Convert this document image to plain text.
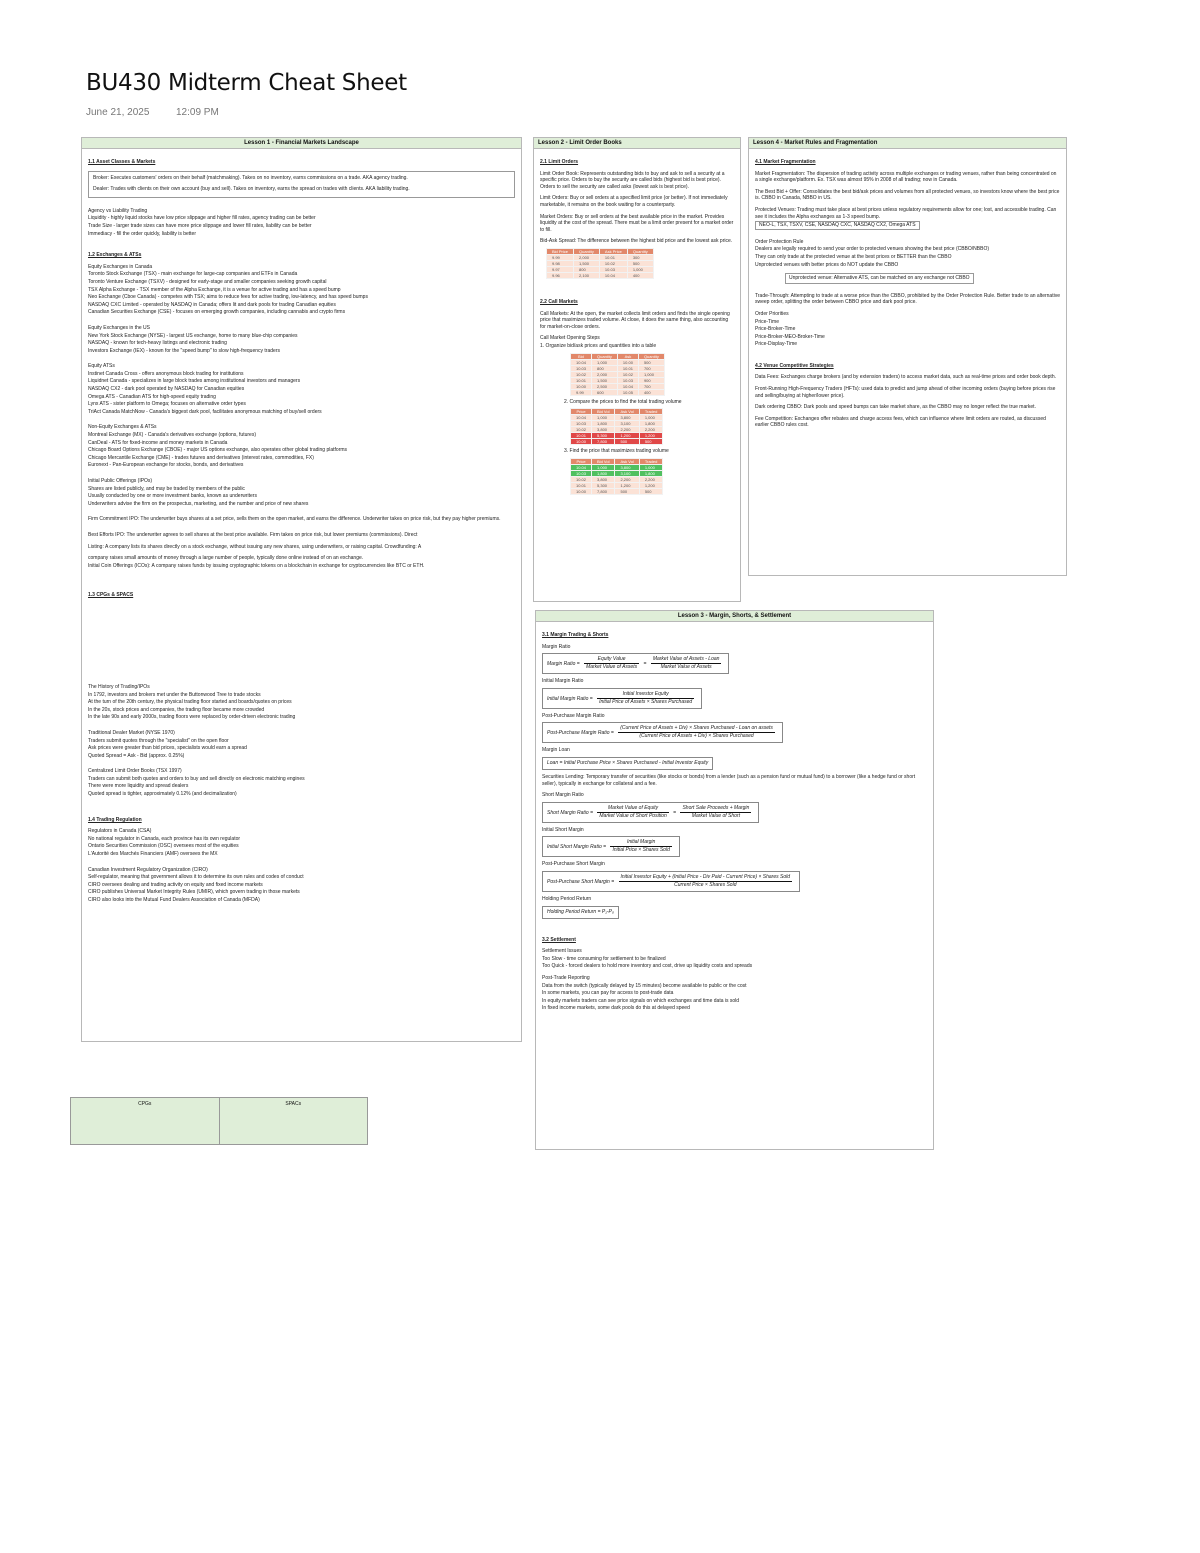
BU430 Midterm Cheat Sheet
June 21, 2025	12:09 PM
Lesson 1 - Financial Markets Landscape

1.1 Asset Classes & Markets

Broker: Executes customers' orders on their behalf (matchmaking). Takes on no inventory, earns commissions on a trade. AKA agency trading.

Dealer: Trades with clients on their own account (buy and sell). Takes on inventory, earns the spread on trades with clients. AKA liability trading.

Agency vs Liability Trading

Liquidity - highly liquid stocks have low price slippage and higher fill rates, agency trading can be better

Trade Size - larger trade sizes can have more price slippage and lower fill rates, liability can be better

Immediacy - fill the order quickly, liability is better

1.2 Exchanges & ATSs

Equity Exchanges in Canada

Toronto Stock Exchange (TSX) - main exchange for large-cap companies and ETFs in Canada

Toronto Venture Exchange (TSXV) - designed for early-stage and smaller companies seeking growth capital

TSX Alpha Exchange - TSX member of the Alpha Exchange, it is a venue for active trading and has a speed bump

Neo Exchange (Cboe Canada) - competes with TSX; aims to reduce fees for active trading, low-latency, and has speed bumps

NASDAQ CXC Limited - operated by NASDAQ in Canada; offers lit and dark pools for trading Canadian equities

Canadian Securities Exchange (CSE) - focuses on emerging growth companies, including cannabis and crypto firms

Equity Exchanges in the US

New York Stock Exchange (NYSE) - largest US exchange, home to many blue-chip companies

NASDAQ - known for tech-heavy listings and electronic trading

Investors Exchange (IEX) - known for the "speed bump" to slow high-frequency traders

Equity ATSs

Instinet Canada Cross - offers anonymous block trading for institutions

Liquidnet Canada - specializes in large block trades among institutional investors and managers

NASDAQ CX2 - dark pool operated by NASDAQ for Canadian equities

Omega ATS - Canadian ATS for high-speed equity trading

Lynx ATS - sister platform to Omega; focuses on alternative order types

TriAct Canada MatchNow - Canada's biggest dark pool, facilitates anonymous matching of buy/sell orders

Non-Equity Exchanges & ATSs

Montreal Exchange (MX) - Canada's derivatives exchange (options, futures)

CanDeal - ATS for fixed-income and money markets in Canada

Chicago Board Options Exchange (CBOE) - major US options exchange, also operates other global trading platforms

Chicago Mercantile Exchange (CME) - trades futures and derivatives (interest rates, commodities, FX)

Euronext - Pan-European exchange for stocks, bonds, and derivatives

Initial Public Offerings (IPOs)

Shares are listed publicly, and may be traded by members of the public

Usually conducted by one or more investment banks, known as underwriters

Underwriters advise the firm on the prospectus, marketing, and the number and price of new shares

Firm Commitment IPO: The underwriter buys shares at a set price, sells them on the open market, and earns the difference. Underwriter takes on price risk, but they pay higher premiums.

Best Efforts IPO: The underwriter agrees to sell shares at the best price available. Firm takes on price risk, but lower premiums (commissions). Direct

Listing: A company lists its shares directly on a stock exchange, without issuing any new shares, using underwriters, or raising capital. Crowdfunding: A

company raises small amounts of money through a large number of people, typically done online instead of on an exchange.

Initial Coin Offerings (ICOs): A company raises funds by issuing cryptographic tokens on a blockchain in exchange for cryptocurrencies like BTC or ETH.

1.3 CPGs & SPACS

The History of Trading/IPOs

In 1792, investors and brokers met under the Buttonwood Tree to trade stocks

At the turn of the 20th century, the physical trading floor started and boards/quotes on prices

In the 20s, stock prices and companies, the trading floor became more crowded

In the late 90s and early 2000s, trading floors were replaced by order-driven electronic trading

Traditional Dealer Market (NYSE 1970)

Traders submit quotes through the "specialist" on the open floor

Ask prices were greater than bid prices, specialists would earn a spread

Quoted Spread = Ask - Bid (approx. 0.25%)

Centralized Limit Order Books (TSX 1997)

Traders can submit both quotes and orders to buy and sell directly on electronic matching engines

There were more liquidity and spread dealers

Quoted spread is tighter, approximately 0.12% (and decimalization)

1.4 Trading Regulation

Regulators in Canada (CSA)

No national regulator in Canada, each province has its own regulator

Ontario Securities Commission (OSC) oversees most of the equities

L'Autorité des Marchés Financiers (AMF) oversees the MX

Canadian Investment Regulatory Organization (CIRO)

Self-regulator, meaning that government allows it to determine its own rules and codes of conduct

CIRO oversees dealing and trading activity on equity and fixed income markets

CIRO publishes Universal Market Integrity Rules (UMIR), which govern trading in those markets

CIRO also looks into the Mutual Fund Dealers Association of Canada (MFDA)

CPGs	SPACs
Lesson 2 - Limit Order Books

2.1 Limit Orders

Limit Order Book: Represents outstanding bids to buy and ask to sell a security at a specific price. Orders to buy the security are called bids (highest bid is best price). Orders to sell the security are called asks (lowest ask is best price).

Limit Orders: Buy or sell orders at a specified limit price (or better). If not immediately marketable, it remains on the book waiting for a counterparty.

Market Orders: Buy or sell orders at the best available price in the market. Provides liquidity at the cost of the spread. There must be a limit order present for a market order to fill.

Bid-Ask Spread: The difference between the highest bid price and the lowest ask price.

Bid Price	Quantity	Ask Price	Quantity
9.99	2,000	10.01	300
9.98	1,500	10.02	500
9.97	800	10.03	1,000
9.96	2,100	10.04	400

2.2 Call Markets

Call Markets: At the open, the market collects limit orders and finds the single opening price that maximizes traded volume. At close, it does the same thing, also accounting for market-on-close orders.

Call Market Opening Steps

1. Organize bid/ask prices and quantities into a table

Bid	Quantity	Ask	Quantity
10.04	1,000	10.00	500
10.03	800	10.01	700
10.02	2,000	10.02	1,000
10.01	1,500	10.03	900
10.00	2,500	10.04	700
9.99	600	10.05	400

2. Compare the prices to find the total trading volume

Price	Bid Vol	Ask Vol	Traded
10.04	1,000	3,800	1,000
10.03	1,800	3,100	1,800
10.02	3,800	2,200	2,200
10.01	5,300	1,200	1,200
10.00	7,800	500	500

3. Find the price that maximizes trading volume

Price	Bid Vol	Ask Vol	Traded
10.04	1,000	3,800	1,000
10.03	1,800	3,100	1,800
10.02	3,800	2,200	2,200
10.01	5,300	1,200	1,200
10.00	7,800	500	500
Lesson 4 - Market Rules and Fragmentation

4.1 Market Fragmentation

Market Fragmentation: The dispersion of trading activity across multiple exchanges or trading venues, rather than being concentrated on a single exchange/platform. Ex. TSX was almost 95% in 2008 of all trading; now in Canada.

The Best Bid + Offer: Consolidates the best bid/ask prices and volumes from all protected venues, so investors know where the best price is. CBBO in Canada, NBBO in US.

Protected Venues: Trading must take place at best prices unless regulatory requirements allow for one; lost, and accessible trading. Can see it includes the Alpha exchanges as 1-3 speed bump.

NEO-L, TSX, TSXV, CSE, NASDAQ CXC, NASDAQ CX2, Omega ATS

Order Protection Rule

Dealers are legally required to send your order to protected venues showing the best price (CBBO/NBBO)

They can only trade at the protected venue at the best prices or BETTER than the CBBO

Unprotected venues with better prices do NOT update the CBBO

Unprotected venue: Alternative ATS, can be matched on any exchange not CBBO

Trade-Through: Attempting to trade at a worse price than the CBBO, prohibited by the Order Protection Rule. Better trade to an alternative sweep order, splitting the order between CBBO price and dark pool price.

Order Priorities

Price-Time

Price-Broker-Time

Price-Broker-MEO-Broker-Time

Price-Display-Time

4.2 Venue Competitive Strategies

Data Fees: Exchanges charge brokers (and by extension traders) to access market data, such as real-time prices and order book depth.

Front-Running High-Frequency Traders (HFTs): used data to predict and jump ahead of other incoming orders (buying before prices rise and selling/buying at higher/lower price).

Dark ordering CBBO: Dark pools and speed bumps can take market share, as the CBBO may no longer reflect the true market.

Fee Competition: Exchanges offer rebates and charge access fees, which can influence where limit orders are routed, as discussed earlier CBBO rules cost.

Lesson 3 - Margin, Shorts, & Settlement

3.1 Margin Trading & Shorts

Margin Ratio

Margin Ratio = $\frac{\text{Equity Value}}{\text{Market Value of Assets}} = \frac{\text{Market Value of Assets - Loan}}{\text{Market Value of Assets}}$

Initial Margin Ratio

Initial Margin Ratio = $\frac{\text{Initial Investor Equity}}{\text{Initial Price of Assets × Shares Purchased}}$

Post-Purchase Margin Ratio

Post-Purchase Margin Ratio =
(Current Price of Assets + Div) × Shares Purchased - Loan on assets
(Current Price of Assets + Div) × Shares Purchased

Margin Loan

Loan = Initial Purchase Price × Shares Purchased - Initial Investor Equity

Securities Lending: Temporary transfer of securities (like stocks or bonds) from a lender (such as a pension fund or mutual fund) to a borrower (like a hedge fund or short seller), typically in exchange for collateral and a fee.

Short Margin Ratio

Short Margin Ratio = $\frac{\text{Market Value of Equity}}{\text{Market Value of Short Position}} = \frac{\text{Short Sale Proceeds + Margin}}{\text{Market Value of Short}}$

Initial Short Margin

Initial Short Margin Ratio = $\frac{\text{Initial Margin}}{\text{Initial Price × Shares Sold}}$

Post-Purchase Short Margin

Post-Purchase Short Margin =
Initial Investor Equity + (Initial Price - Div Paid - Current Price) × Shares Sold
Current Price × Shares Sold

Holding Period Return

Holding Period Return = P₁-P₀

3.2 Settlement

Settlement Issues

Too Slow - time consuming for settlement to be finalized

Too Quick - forced dealers to hold more inventory and cost, drive up liquidity costs and spreads

Post-Trade Reporting

Data from the switch (typically delayed by 15 minutes) become available to public or the cost

In some markets, you can pay for access to post-trade data

In equity markets traders can see price signals on which exchanges and time data is sold

In fixed income markets, some dark pools do this at delayed speed
